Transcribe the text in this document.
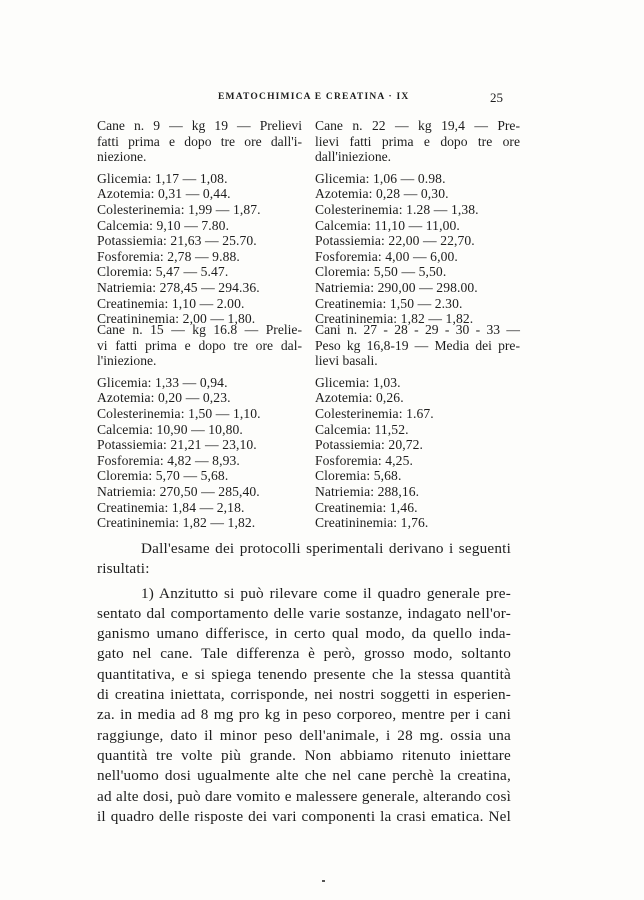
EMATOCHIMICA E CREATINA · IX	25
Cane n. 9 — kg 19 — Prelievi
fatti prima e dopo tre ore dall'i-
niezione.
Glicemia: 1,17 — 1,08.
Azotemia: 0,31 — 0,44.
Colesterinemia: 1,99 — 1,87.
Calcemia: 9,10 — 7.80.
Potassiemia: 21,63 — 25.70.
Fosforemia: 2,78 — 9.88.
Cloremia: 5,47 — 5.47.
Natriemia: 278,45 — 294.36.
Creatinemia: 1,10 — 2.00.
Creatininemia: 2,00 — 1,80.
Cane n. 22 — kg 19,4 — Pre-
lievi fatti prima e dopo tre ore
dall'iniezione.
Glicemia: 1,06 — 0.98.
Azotemia: 0,28 — 0,30.
Colesterinemia: 1.28 — 1,38.
Calcemia: 11,10 — 11,00.
Potassiemia: 22,00 — 22,70.
Fosforemia: 4,00 — 6,00.
Cloremia: 5,50 — 5,50.
Natriemia: 290,00 — 298.00.
Creatinemia: 1,50 — 2.30.
Creatininemia: 1,82 — 1,82.
Cane n. 15 — kg 16.8 — Prelie-
vi fatti prima e dopo tre ore dal-
l'iniezione.
Glicemia: 1,33 — 0,94.
Azotemia: 0,20 — 0,23.
Colesterinemia: 1,50 — 1,10.
Calcemia: 10,90 — 10,80.
Potassiemia: 21,21 — 23,10.
Fosforemia: 4,82 — 8,93.
Cloremia: 5,70 — 5,68.
Natriemia: 270,50 — 285,40.
Creatinemia: 1,84 — 2,18.
Creatininemia: 1,82 — 1,82.
Cani n. 27 - 28 - 29 - 30 - 33 —
Peso kg 16,8-19 — Media dei pre-
lievi basali.
Glicemia: 1,03.
Azotemia: 0,26.
Colesterinemia: 1.67.
Calcemia: 11,52.
Potassiemia: 20,72.
Fosforemia: 4,25.
Cloremia: 5,68.
Natriemia: 288,16.
Creatinemia: 1,46.
Creatininemia: 1,76.
Dall'esame dei protocolli sperimentali derivano i seguenti
risultati:
1) Anzitutto si può rilevare come il quadro generale pre-
sentato dal comportamento delle varie sostanze, indagato nell'or-
ganismo umano differisce, in certo qual modo, da quello inda-
gato nel cane. Tale differenza è però, grosso modo, soltanto
quantitativa, e si spiega tenendo presente che la stessa quantità
di creatina iniettata, corrisponde, nei nostri soggetti in esperien-
za. in media ad 8 mg pro kg in peso corporeo, mentre per i cani
raggiunge, dato il minor peso dell'animale, i 28 mg. ossia una
quantità tre volte più grande. Non abbiamo ritenuto iniettare
nell'uomo dosi ugualmente alte che nel cane perchè la creatina,
ad alte dosi, può dare vomito e malessere generale, alterando così
il quadro delle risposte dei vari componenti la crasi ematica. Nel
